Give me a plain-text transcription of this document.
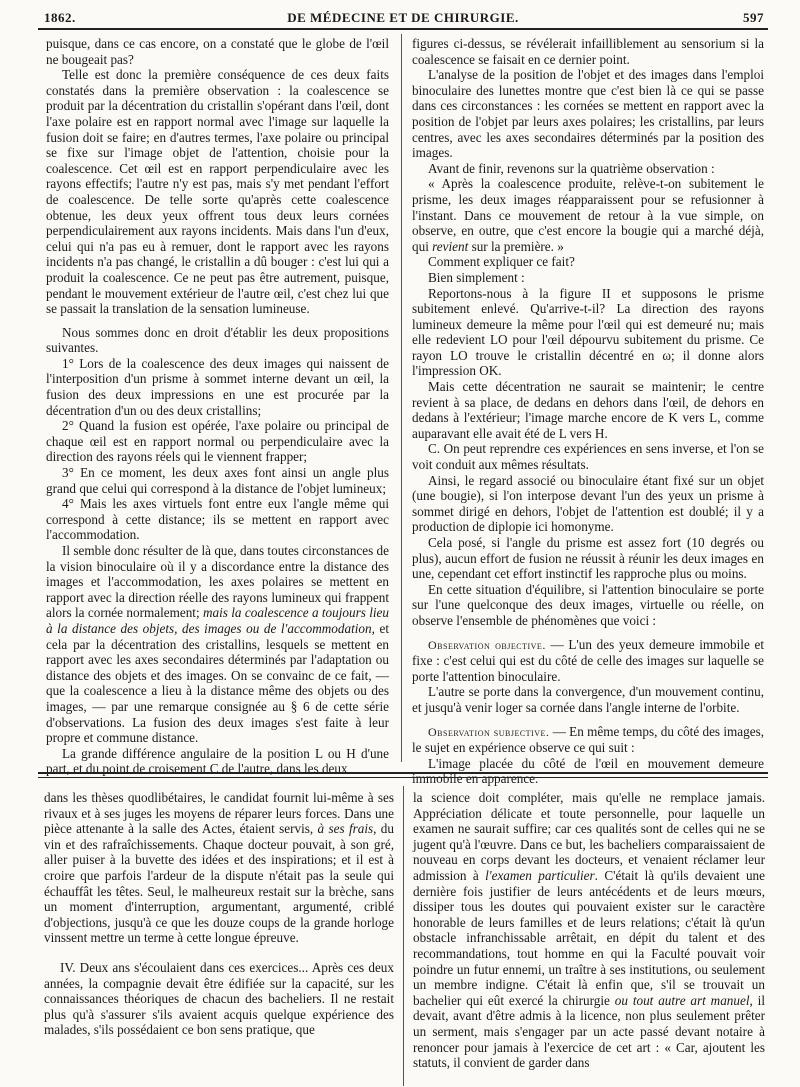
1862.	DE MÉDECINE ET DE CHIRURGIE.	597

puisque, dans ce cas encore, on a constaté que le globe de l'œil ne bougeait pas?

Telle est donc la première conséquence de ces deux faits constatés dans la première observation : la coalescence se produit par la décentration du cristallin s'opérant dans l'œil, dont l'axe polaire est en rapport normal avec l'image sur laquelle la fusion doit se faire; en d'autres termes, l'axe polaire ou principal se fixe sur l'image objet de l'attention, choisie pour la coalescence. Cet œil est en rapport perpendiculaire avec les rayons effectifs; l'autre n'y est pas, mais s'y met pendant l'effort de coalescence. De telle sorte qu'après cette coalescence obtenue, les deux yeux offrent tous deux leurs cornées perpendiculairement aux rayons incidents. Mais dans l'un d'eux, celui qui n'a pas eu à remuer, dont le rapport avec les rayons incidents n'a pas changé, le cristallin a dû bouger : c'est lui qui a produit la coalescence. Ce ne peut pas être autrement, puisque, pendant le mouvement extérieur de l'autre œil, c'est chez lui que se passait la translation de la sensation lumineuse.

Nous sommes donc en droit d'établir les deux propositions suivantes.

1° Lors de la coalescence des deux images qui naissent de l'interposition d'un prisme à sommet interne devant un œil, la fusion des deux impressions en une est procurée par la décentration d'un ou des deux cristallins;

2° Quand la fusion est opérée, l'axe polaire ou principal de chaque œil est en rapport normal ou perpendiculaire avec la direction des rayons réels qui le viennent frapper;

3° En ce moment, les deux axes font ainsi un angle plus grand que celui qui correspond à la distance de l'objet lumineux;

4° Mais les axes virtuels font entre eux l'angle même qui correspond à cette distance; ils se mettent en rapport avec l'accommodation.

Il semble donc résulter de là que, dans toutes circonstances de la vision binoculaire où il y a discordance entre la distance des images et l'accommodation, les axes polaires se mettent en rapport avec la direction réelle des rayons lumineux qui frappent alors la cornée normalement; mais la coalescence a toujours lieu à la distance des objets, des images ou de l'accommodation, et cela par la décentration des cristallins, lesquels se mettent en rapport avec les axes secondaires déterminés par l'adaptation ou distance des objets et des images. On se convainc de ce fait, — que la coalescence a lieu à la distance même des objets ou des images, — par une remarque consignée au § 6 de cette série d'observations. La fusion des deux images s'est faite à leur propre et commune distance.

La grande différence angulaire de la position L ou H d'une part, et du point de croisement C de l'autre, dans les deux

figures ci-dessus, se révélerait infailliblement au sensorium si la coalescence se faisait en ce dernier point.

L'analyse de la position de l'objet et des images dans l'emploi binoculaire des lunettes montre que c'est bien là ce qui se passe dans ces circonstances : les cornées se mettent en rapport avec la position de l'objet par leurs axes polaires; les cristallins, par leurs centres, avec les axes secondaires déterminés par la position des images.

Avant de finir, revenons sur la quatrième observation :

« Après la coalescence produite, relève-t-on subitement le prisme, les deux images réapparaissent pour se refusionner à l'instant. Dans ce mouvement de retour à la vue simple, on observe, en outre, que c'est encore la bougie qui a marché déjà, qui revient sur la première. »

Comment expliquer ce fait?

Bien simplement :

Reportons-nous à la figure II et supposons le prisme subitement enlevé. Qu'arrive-t-il? La direction des rayons lumineux demeure la même pour l'œil qui est demeuré nu; mais elle redevient LO pour l'œil dépourvu subitement du prisme. Ce rayon LO trouve le cristallin décentré en ω; il donne alors l'impression OK.

Mais cette décentration ne saurait se maintenir; le centre revient à sa place, de dedans en dehors dans l'œil, de dehors en dedans à l'extérieur; l'image marche encore de K vers L, comme auparavant elle avait été de L vers H.

C. On peut reprendre ces expériences en sens inverse, et l'on se voit conduit aux mêmes résultats.

Ainsi, le regard associé ou binoculaire étant fixé sur un objet (une bougie), si l'on interpose devant l'un des yeux un prisme à sommet dirigé en dehors, l'objet de l'attention est doublé; il y a production de diplopie ici homonyme.

Cela posé, si l'angle du prisme est assez fort (10 degrés ou plus), aucun effort de fusion ne réussit à réunir les deux images en une, cependant cet effort instinctif les rapproche plus ou moins.

En cette situation d'équilibre, si l'attention binoculaire se porte sur l'une quelconque des deux images, virtuelle ou réelle, on observe l'ensemble de phénomènes que voici :

Observation objective. — L'un des yeux demeure immobile et fixe : c'est celui qui est du côté de celle des images sur laquelle se porte l'attention binoculaire.

L'autre se porte dans la convergence, d'un mouvement continu, et jusqu'à venir loger sa cornée dans l'angle interne de l'orbite.

Observation subjective. — En même temps, du côté des images, le sujet en expérience observe ce qui suit :

L'image placée du côté de l'œil en mouvement demeure immobile en apparence.

dans les thèses quodlibétaires, le candidat fournit lui-même à ses rivaux et à ses juges les moyens de réparer leurs forces. Dans une pièce attenante à la salle des Actes, étaient servis, à ses frais, du vin et des rafraîchissements. Chaque docteur pouvait, à son gré, aller puiser à la buvette des idées et des inspirations; et il est à croire que parfois l'ardeur de la dispute n'était pas la seule qui échauffât les têtes. Seul, le malheureux restait sur la brèche, sans un moment d'interruption, argumentant, argumenté, criblé d'objections, jusqu'à ce que les douze coups de la grande horloge vinssent mettre un terme à cette longue épreuve.

IV. Deux ans s'écoulaient dans ces exercices... Après ces deux années, la compagnie devait être édifiée sur la capacité, sur les connaissances théoriques de chacun des bacheliers. Il ne restait plus qu'à s'assurer s'ils avaient acquis quelque expérience des malades, s'ils possédaient ce bon sens pratique, que

la science doit compléter, mais qu'elle ne remplace jamais. Appréciation délicate et toute personnelle, pour laquelle un examen ne saurait suffire; car ces qualités sont de celles qui ne se jugent qu'à l'œuvre. Dans ce but, les bacheliers comparaissaient de nouveau en corps devant les docteurs, et venaient réclamer leur admission à l'examen particulier. C'était là qu'ils devaient une dernière fois justifier de leurs antécédents et de leurs mœurs, dissiper tous les doutes qui pouvaient exister sur le caractère honorable de leurs familles et de leurs relations; c'était là qu'un obstacle infranchissable arrêtait, en dépit du talent et des recommandations, tout homme en qui la Faculté pouvait voir poindre un futur ennemi, un traître à ses institutions, ou seulement un membre indigne. C'était là enfin que, s'il se trouvait un bachelier qui eût exercé la chirurgie ou tout autre art manuel, il devait, avant d'être admis à la licence, non plus seulement prêter un serment, mais s'engager par un acte passé devant notaire à renoncer pour jamais à l'exercice de cet art : « Car, ajoutent les statuts, il convient de garder dans
